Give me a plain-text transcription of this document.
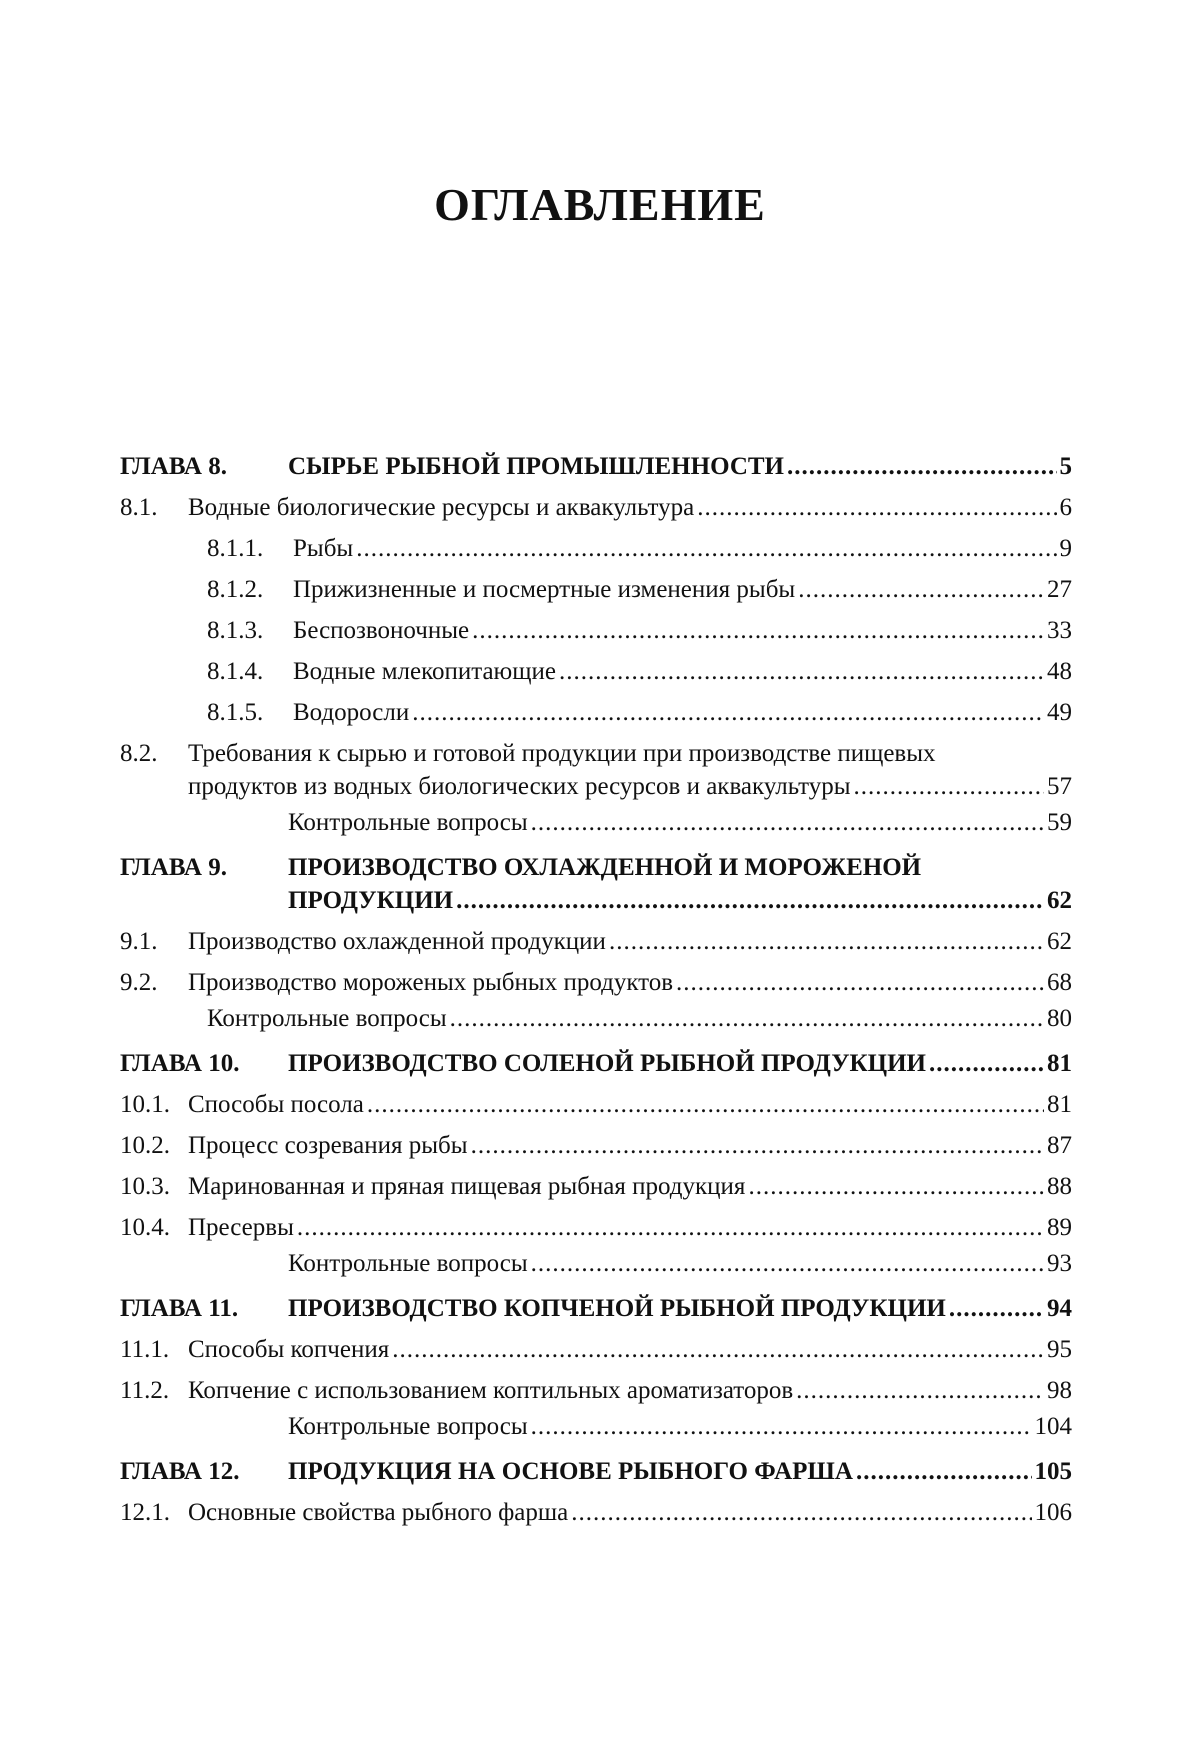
ОГЛАВЛЕНИЕ
ГЛАВА 8.	СЫРЬЕ РЫБНОЙ ПРОМЫШЛЕННОСТИ
.....	5
8.1.	Водные биологические ресурсы и аквакультура
.....	6
8.1.1.	Рыбы
.....	9
8.1.2.	Прижизненные и посмертные изменения рыбы
.....	27
8.1.3.	Беспозвоночные
.....	33
8.1.4.	Водные млекопитающие
.....	48
8.1.5.	Водоросли
.....	49
8.2.	Требования к сырью и готовой продукции при производстве пищевых
продуктов из водных биологических ресурсов и аквакультуры
.....	57
Контрольные вопросы
.....	59
ГЛАВА 9.	ПРОИЗВОДСТВО ОХЛАЖДЕННОЙ И МОРОЖЕНОЙ
ПРОДУКЦИИ
.....	62
9.1.	Производство охлажденной продукции
.....	62
9.2.	Производство мороженых рыбных продуктов
.....	68
Контрольные вопросы
.....	80
ГЛАВА 10.	ПРОИЗВОДСТВО СОЛЕНОЙ РЫБНОЙ ПРОДУКЦИИ
.....	81
10.1. Способы посола
.....	81
10.2. Процесс созревания рыбы
.....	87
10.3. Маринованная и пряная пищевая рыбная продукция
.....	88
10.4. Пресервы
.....	89
Контрольные вопросы
.....	93
ГЛАВА 11.	ПРОИЗВОДСТВО КОПЧЕНОЙ РЫБНОЙ ПРОДУКЦИИ
.....	94
11.1. Способы копчения
.....	95
11.2. Копчение с использованием коптильных ароматизаторов
.....	98
Контрольные вопросы
.....	104
ГЛАВА 12.	ПРОДУКЦИЯ НА ОСНОВЕ РЫБНОГО ФАРША
.....	105
12.1. Основные свойства рыбного фарша
.....	106
